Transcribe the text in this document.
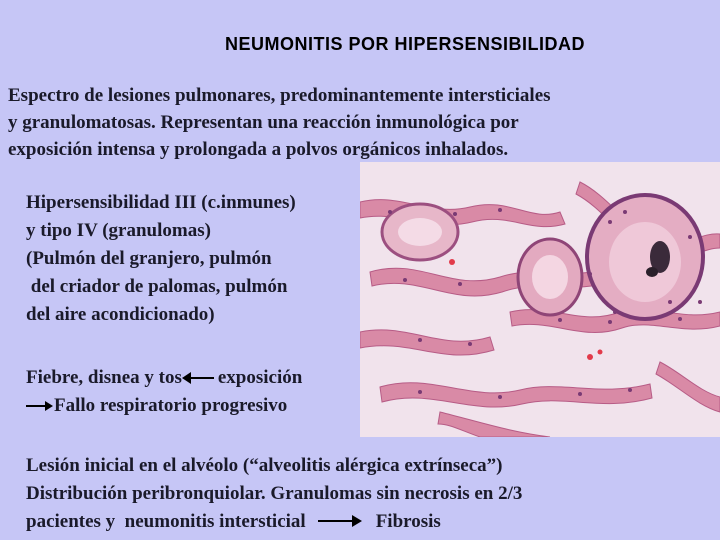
NEUMONITIS POR HIPERSENSIBILIDAD
Espectro de lesiones pulmonares, predominantemente intersticiales
y granulomatosas. Representan una reacción inmunológica por
exposición intensa y prolongada a polvos orgánicos inhalados.
Hipersensibilidad III (c.inmunes)
y tipo IV (granulomas)
(Pulmón del granjero, pulmón
del criador de palomas, pulmón
del aire acondicionado)
Fiebre, disnea y tos exposición
Fallo respiratorio progresivo
Lesión inicial en el alvéolo (“alveolitis alérgica extrínseca”)
Distribución peribronquiolar. Granulomas sin necrosis en 2/3
pacientes y  neumonitis intersticial	Fibrosis
